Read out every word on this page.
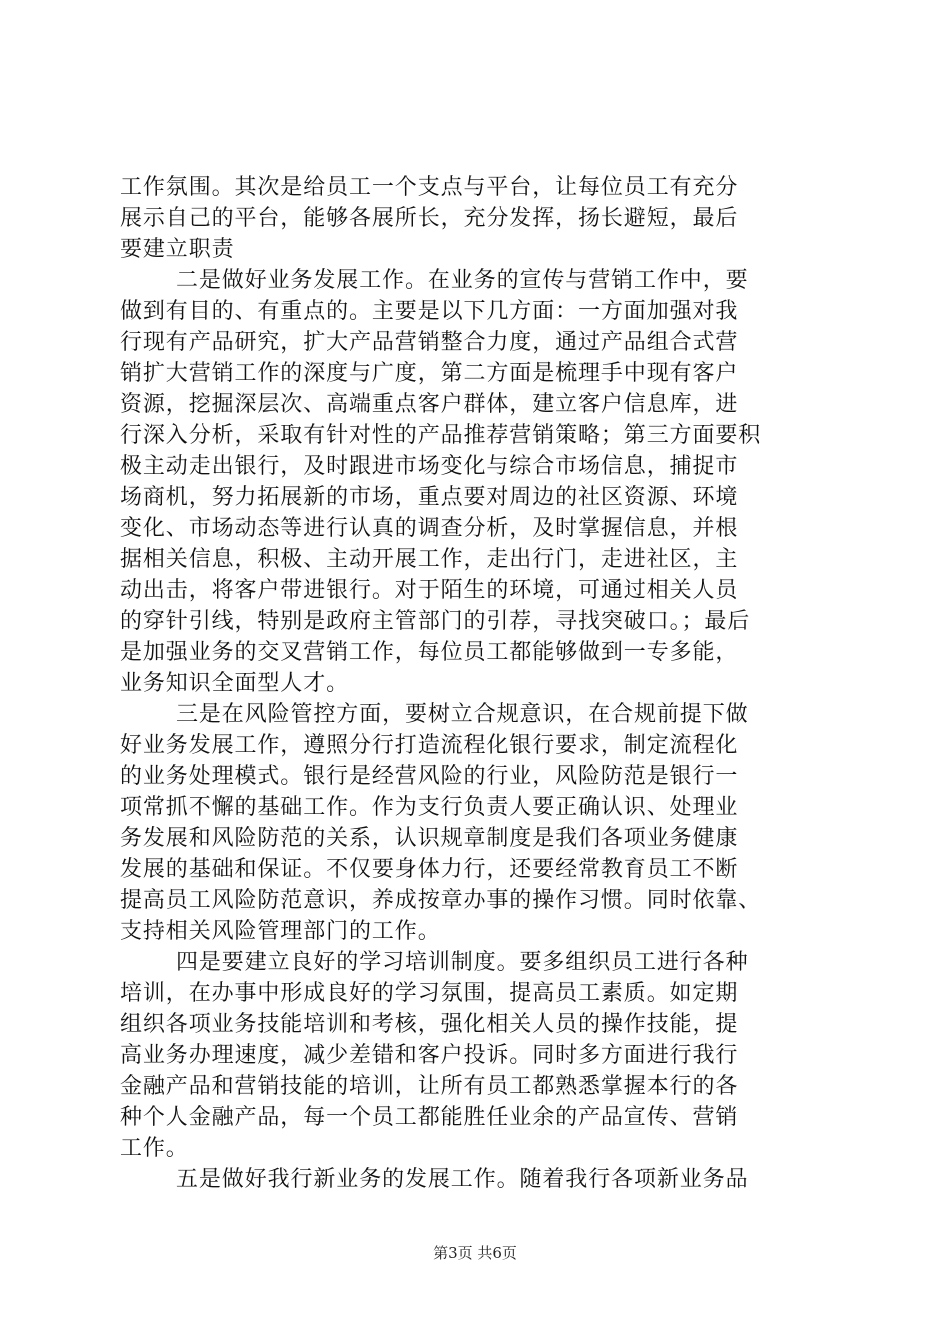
工作氛围。其次是给员工一个支点与平台，让每位员工有充分
展示自己的平台，能够各展所长，充分发挥，扬长避短，最后
要建立职责
二是做好业务发展工作。在业务的宣传与营销工作中，要
做到有目的、有重点的。主要是以下几方面：一方面加强对我
行现有产品研究，扩大产品营销整合力度，通过产品组合式营
销扩大营销工作的深度与广度，第二方面是梳理手中现有客户
资源，挖掘深层次、高端重点客户群体，建立客户信息库，进
行深入分析，采取有针对性的产品推荐营销策略；第三方面要积
极主动走出银行，及时跟进市场变化与综合市场信息，捕捉市
场商机，努力拓展新的市场，重点要对周边的社区资源、环境
变化、市场动态等进行认真的调查分析，及时掌握信息，并根
据相关信息，积极、主动开展工作，走出行门，走进社区，主
动出击，将客户带进银行。对于陌生的环境，可通过相关人员
的穿针引线，特别是政府主管部门的引荐，寻找突破口。；最后
是加强业务的交叉营销工作，每位员工都能够做到一专多能，
业务知识全面型人才。
三是在风险管控方面，要树立合规意识，在合规前提下做
好业务发展工作，遵照分行打造流程化银行要求，制定流程化
的业务处理模式。银行是经营风险的行业，风险防范是银行一
项常抓不懈的基础工作。作为支行负责人要正确认识、处理业
务发展和风险防范的关系，认识规章制度是我们各项业务健康
发展的基础和保证。不仅要身体力行，还要经常教育员工不断
提高员工风险防范意识，养成按章办事的操作习惯。同时依靠、
支持相关风险管理部门的工作。
四是要建立良好的学习培训制度。要多组织员工进行各种
培训，在办事中形成良好的学习氛围，提高员工素质。如定期
组织各项业务技能培训和考核，强化相关人员的操作技能，提
高业务办理速度，减少差错和客户投诉。同时多方面进行我行
金融产品和营销技能的培训，让所有员工都熟悉掌握本行的各
种个人金融产品，每一个员工都能胜任业余的产品宣传、营销
工作。
五是做好我行新业务的发展工作。随着我行各项新业务品
第3页 共6页
